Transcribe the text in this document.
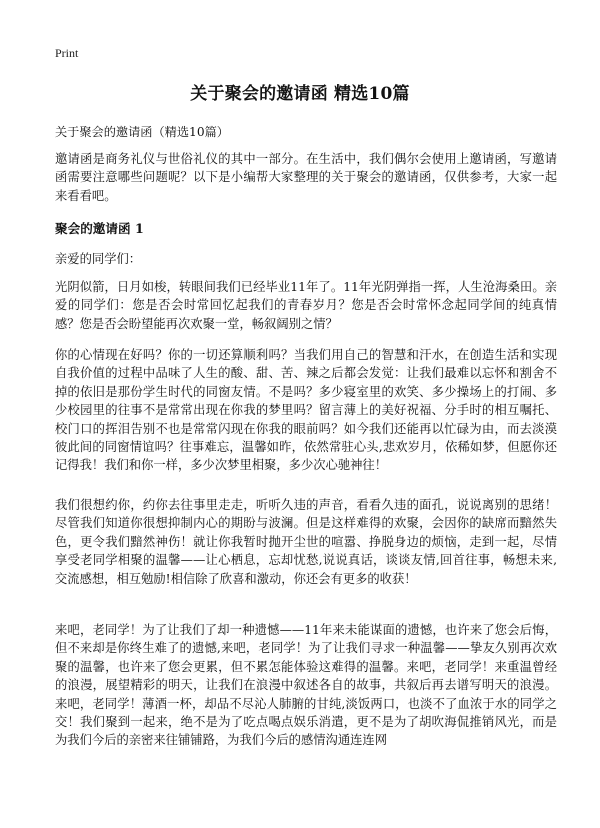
Print
关于聚会的邀请函 精选10篇
关于聚会的邀请函（精选10篇）

邀请函是商务礼仪与世俗礼仪的其中一部分。在生活中，我们偶尔会使用上邀请函，写邀请函需要注意哪些问题呢？以下是小编帮大家整理的关于聚会的邀请函，仅供参考，大家一起来看看吧。

聚会的邀请函 1
亲爱的同学们：

光阴似箭，日月如梭，转眼间我们已经毕业11年了。11年光阴弹指一挥，人生沧海桑田。亲爱的同学们：您是否会时常回忆起我们的青春岁月？您是否会时常怀念起同学间的纯真情感？您是否会盼望能再次欢聚一堂，畅叙阔别之情？

你的心情现在好吗？你的一切还算顺利吗？当我们用自己的智慧和汗水，在创造生活和实现自我价值的过程中品味了人生的酸、甜、苦、辣之后都会发觉：让我们最难以忘怀和割舍不掉的依旧是那份学生时代的同窗友情。不是吗？多少寝室里的欢笑、多少操场上的打闹、多少校园里的往事不是常常出现在你我的梦里吗？留言薄上的美好祝福、分手时的相互嘱托、校门口的挥泪告别不也是常常闪现在你我的眼前吗？如今我们还能再以忙碌为由，而去淡漠彼此间的同窗情谊吗？往事难忘，温馨如昨，依然常驻心头,悲欢岁月，依稀如梦，但愿你还记得我！我们和你一样，多少次梦里相聚，多少次心驰神往！

我们很想约你，约你去往事里走走，听听久违的声音，看看久违的面孔，说说离别的思绪！尽管我们知道你很想抑制内心的期盼与波澜。但是这样难得的欢聚，会因你的缺席而黯然失色，更令我们黯然神伤！就让你我暂时抛开尘世的喧嚣、挣脱身边的烦恼，走到一起，尽情享受老同学相聚的温馨——让心栖息，忘却忧愁,说说真话，谈谈友情,回首往事，畅想未来,交流感想，相互勉励!相信除了欣喜和激动，你还会有更多的收获！

来吧，老同学！为了让我们了却一种遗憾——11年来未能谋面的遗憾，也许来了您会后悔，但不来却是你终生难了的遗憾,来吧，老同学！为了让我们寻求一种温馨——挚友久别再次欢聚的温馨，也许来了您会更累，但不累怎能体验这难得的温馨。来吧，老同学！来重温曾经的浪漫，展望精彩的明天，让我们在浪漫中叙述各自的故事，共叙后再去谱写明天的浪漫。来吧，老同学！薄酒一杯，却品不尽沁人肺腑的甘纯,淡饭两口，也淡不了血浓于水的同学之交！我们聚到一起来，绝不是为了吃点喝点娱乐消遣，更不是为了胡吹海侃推销风光，而是为我们今后的亲密来往铺铺路，为我们今后的感情沟通连连网
